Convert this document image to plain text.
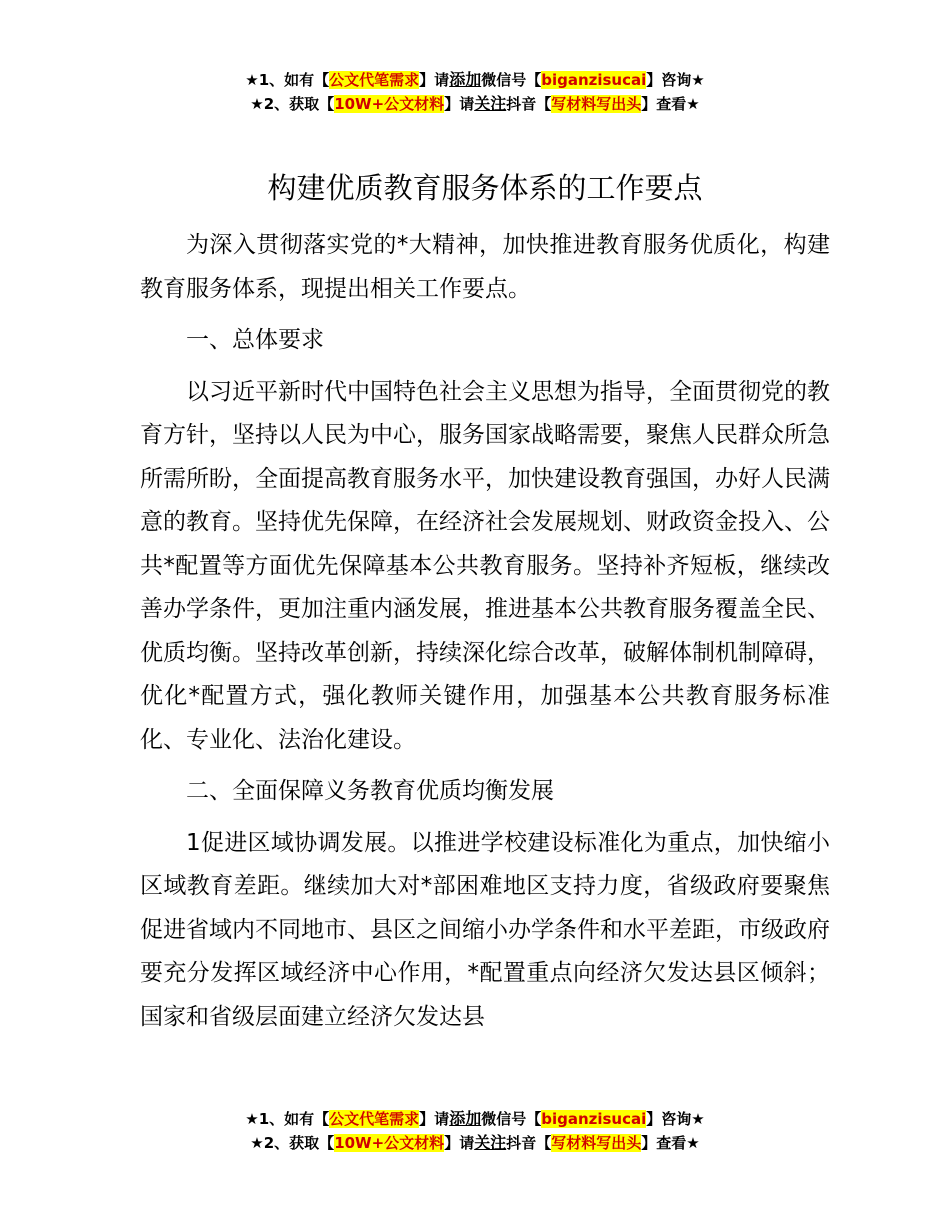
★1、如有【公文代笔需求】请添加微信号【biganzisucai】咨询★
★2、获取【10W+公文材料】请关注抖音【写材料写出头】查看★
构建优质教育服务体系的工作要点

为深入贯彻落实党的*大精神，加快推进教育服务优质化，构建教育服务体系，现提出相关工作要点。

一、总体要求

以习近平新时代中国特色社会主义思想为指导，全面贯彻党的教育方针，坚持以人民为中心，服务国家战略需要，聚焦人民群众所急所需所盼，全面提高教育服务水平，加快建设教育强国，办好人民满意的教育。坚持优先保障，在经济社会发展规划、财政资金投入、公共*配置等方面优先保障基本公共教育服务。坚持补齐短板，继续改善办学条件，更加注重内涵发展，推进基本公共教育服务覆盖全民、优质均衡。坚持改革创新，持续深化综合改革，破解体制机制障碍，优化*配置方式，强化教师关键作用，加强基本公共教育服务标准化、专业化、法治化建设。

二、全面保障义务教育优质均衡发展

1促进区域协调发展。以推进学校建设标准化为重点，加快缩小区域教育差距。继续加大对*部困难地区支持力度，省级政府要聚焦促进省域内不同地市、县区之间缩小办学条件和水平差距，市级政府要充分发挥区域经济中心作用，*配置重点向经济欠发达县区倾斜；国家和省级层面建立经济欠发达县

★1、如有【公文代笔需求】请添加微信号【biganzisucai】咨询★
★2、获取【10W+公文材料】请关注抖音【写材料写出头】查看★
